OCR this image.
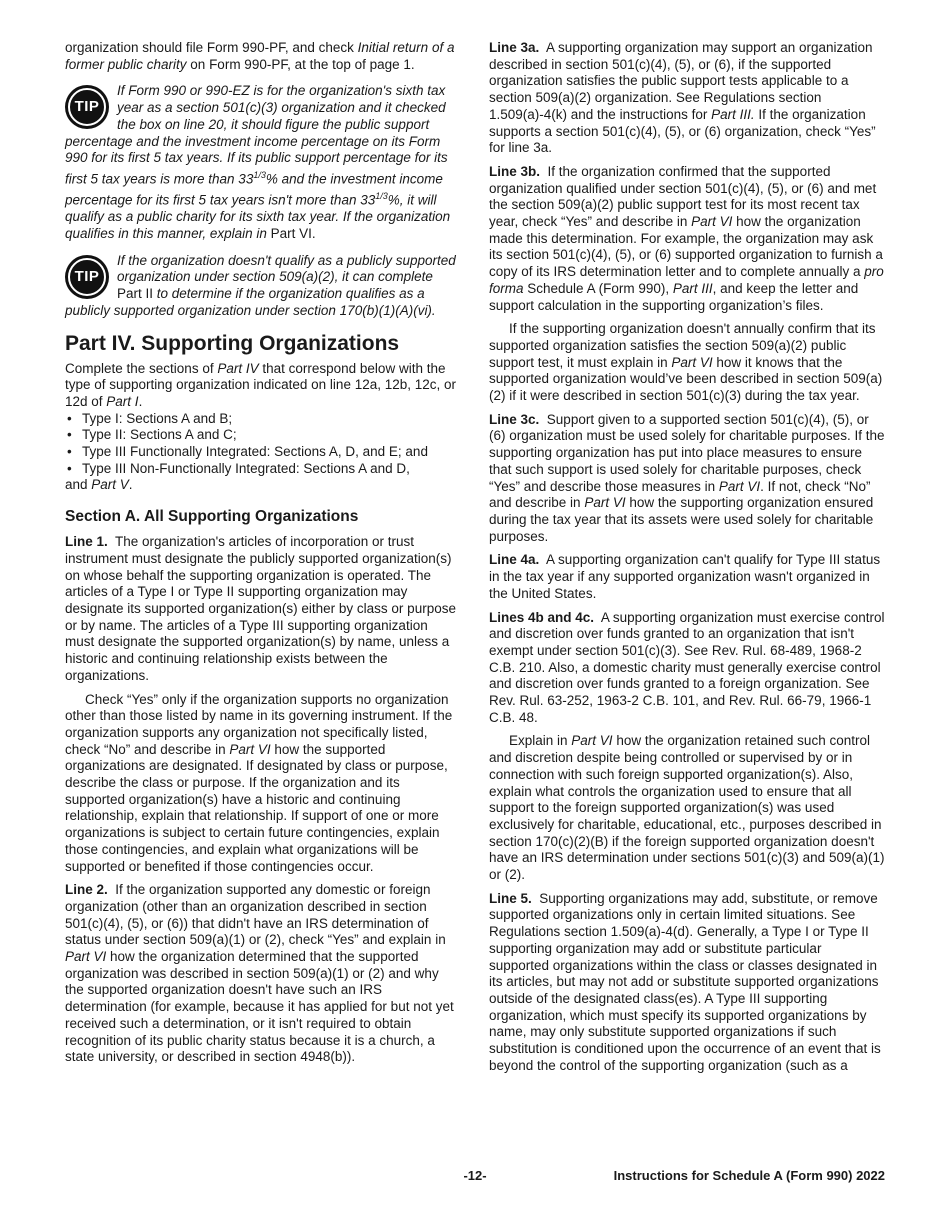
organization should file Form 990-PF, and check Initial return of a former public charity on Form 990-PF, at the top of page 1.

TIP
If Form 990 or 990-EZ is for the organization's sixth tax year as a section 501(c)(3) organization and it checked the box on line 20, it should figure the public support percentage and the investment income percentage on its Form 990 for its first 5 tax years. If its public support percentage for its first 5 tax years is more than $33^{1/3}\%$ and the investment income percentage for its first 5 tax years isn't more than $33^{1/3}\%$, it will qualify as a public charity for its sixth tax year. If the organization qualifies in this manner, explain in Part VI.
TIP
If the organization doesn't qualify as a publicly supported organization under section 509(a)(2), it can complete Part II to determine if the organization qualifies as a publicly supported organization under section 170(b)(1)(A)(vi).
Part IV. Supporting Organizations
Complete the sections of Part IV that correspond below with the type of supporting organization indicated on line 12a, 12b, 12c, or 12d of Part I.
• Type I: Sections A and B;
• Type II: Sections A and C;
• Type III Functionally Integrated: Sections A, D, and E; and
• Type III Non-Functionally Integrated: Sections A and D,

and Part V.

Section A. All Supporting Organizations

Line 1. The organization's articles of incorporation or trust instrument must designate the publicly supported organization(s) on whose behalf the supporting organization is operated. The articles of a Type I or Type II supporting organization may designate its supported organization(s) either by class or purpose or by name. The articles of a Type III supporting organization must designate the supported organization(s) by name, unless a historic and continuing relationship exists between the organizations.

Check “Yes” only if the organization supports no organization other than those listed by name in its governing instrument. If the organization supports any organization not specifically listed, check “No” and describe in Part VI how the supported organizations are designated. If designated by class or purpose, describe the class or purpose. If the organization and its supported organization(s) have a historic and continuing relationship, explain that relationship. If support of one or more organizations is subject to certain future contingencies, explain those contingencies, and explain what organizations will be supported or benefited if those contingencies occur.

Line 2. If the organization supported any domestic or foreign organization (other than an organization described in section 501(c)(4), (5), or (6)) that didn't have an IRS determination of status under section 509(a)(1) or (2), check “Yes” and explain in Part VI how the organization determined that the supported organization was described in section 509(a)(1) or (2) and why the supported organization doesn't have such an IRS determination (for example, because it has applied for but not yet received such a determination, or it isn't required to obtain recognition of its public charity status because it is a church, a state university, or described in section 4948(b)).

Line 3a. A supporting organization may support an organization described in section 501(c)(4), (5), or (6), if the supported organization satisfies the public support tests applicable to a section 509(a)(2) organization. See Regulations section 1.509(a)-4(k) and the instructions for Part III. If the organization supports a section 501(c)(4), (5), or (6) organization, check “Yes” for line 3a.

Line 3b. If the organization confirmed that the supported organization qualified under section 501(c)(4), (5), or (6) and met the section 509(a)(2) public support test for its most recent tax year, check “Yes” and describe in Part VI how the organization made this determination. For example, the organization may ask its section 501(c)(4), (5), or (6) supported organization to furnish a copy of its IRS determination letter and to complete annually a pro forma Schedule A (Form 990), Part III, and keep the letter and support calculation in the supporting organization’s files.

If the supporting organization doesn't annually confirm that its supported organization satisfies the section 509(a)(2) public support test, it must explain in Part VI how it knows that the supported organization would’ve been described in section 509(a)(2) if it were described in section 501(c)(3) during the tax year.

Line 3c. Support given to a supported section 501(c)(4), (5), or (6) organization must be used solely for charitable purposes. If the supporting organization has put into place measures to ensure that such support is used solely for charitable purposes, check “Yes” and describe those measures in Part VI. If not, check “No” and describe in Part VI how the supporting organization ensured during the tax year that its assets were used solely for charitable purposes.

Line 4a. A supporting organization can't qualify for Type III status in the tax year if any supported organization wasn't organized in the United States.

Lines 4b and 4c. A supporting organization must exercise control and discretion over funds granted to an organization that isn't exempt under section 501(c)(3). See Rev. Rul. 68-489, 1968-2 C.B. 210. Also, a domestic charity must generally exercise control and discretion over funds granted to a foreign organization. See Rev. Rul. 63-252, 1963-2 C.B. 101, and Rev. Rul. 66-79, 1966-1 C.B. 48.

Explain in Part VI how the organization retained such control and discretion despite being controlled or supervised by or in connection with such foreign supported organization(s). Also, explain what controls the organization used to ensure that all support to the foreign supported organization(s) was used exclusively for charitable, educational, etc., purposes described in section 170(c)(2)(B) if the foreign supported organization doesn't have an IRS determination under sections 501(c)(3) and 509(a)(1) or (2).

Line 5. Supporting organizations may add, substitute, or remove supported organizations only in certain limited situations. See Regulations section 1.509(a)-4(d). Generally, a Type I or Type II supporting organization may add or substitute particular supported organizations within the class or classes designated in its articles, but may not add or substitute supported organizations outside of the designated class(es). A Type III supporting organization, which must specify its supported organizations by name, may only substitute supported organizations if such substitution is conditioned upon the occurrence of an event that is beyond the control of the supporting organization (such as a

-12-	Instructions for Schedule A (Form 990) 2022
